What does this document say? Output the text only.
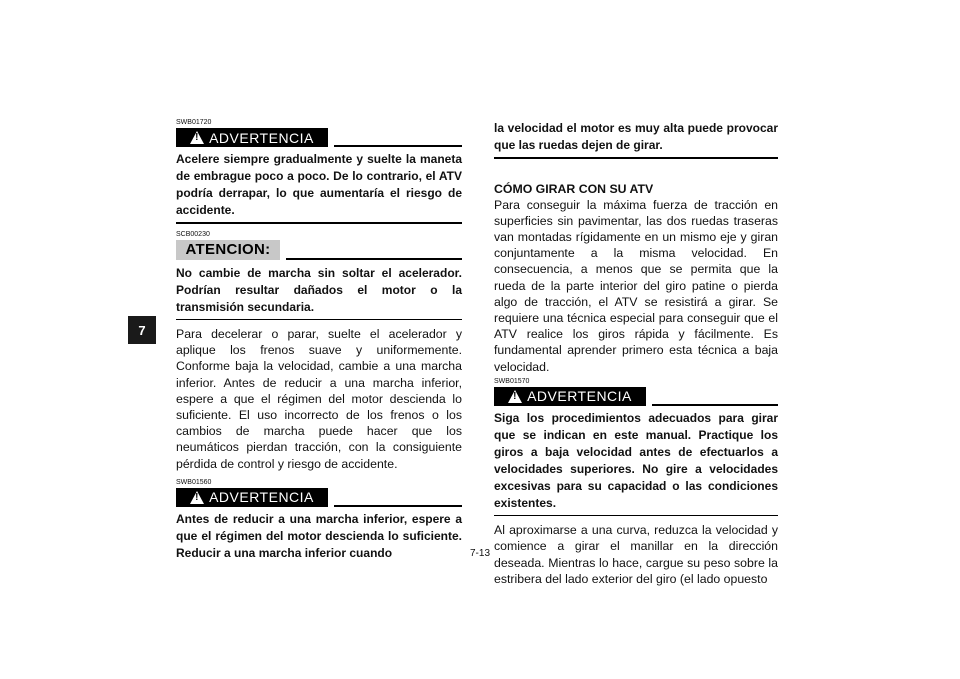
7

SWB01720

!
ADVERTENCIA

Acelere siempre gradualmente y suelte la maneta de embrague poco a poco. De lo contrario, el ATV podría derrapar, lo que aumentaría el riesgo de accidente.

SCB00230

ATENCION:

No cambie de marcha sin soltar el acelerador. Podrían resultar dañados el motor o la transmisión secundaria.

Para decelerar o parar, suelte el acelerador y aplique los frenos suave y uniformemente. Conforme baja la velocidad, cambie a una marcha inferior. Antes de reducir a una marcha inferior, espere a que el régimen del motor descienda lo suficiente. El uso incorrecto de los frenos o los cambios de marcha puede hacer que los neumáticos pierdan tracción, con la consiguiente pérdida de control y riesgo de accidente.

SWB01560

!
ADVERTENCIA

Antes de reducir a una marcha inferior, espere a que el régimen del motor descienda lo suficiente. Reducir a una marcha inferior cuando

la velocidad el motor es muy alta puede provocar que las ruedas dejen de girar.

CÓMO GIRAR CON SU ATV

Para conseguir la máxima fuerza de tracción en superficies sin pavimentar, las dos ruedas traseras van montadas rígidamente en un mismo eje y giran conjuntamente a la misma velocidad. En consecuencia, a menos que se permita que la rueda de la parte interior del giro patine o pierda algo de tracción, el ATV se resistirá a girar. Se requiere una técnica especial para conseguir que el ATV realice los giros rápida y fácilmente. Es fundamental aprender primero esta técnica a baja velocidad.

SWB01570

!
ADVERTENCIA

Siga los procedimientos adecuados para girar que se indican en este manual. Practique los giros a baja velocidad antes de efectuarlos a velocidades superiores. No gire a velocidades excesivas para su capacidad o las condiciones existentes.

Al aproximarse a una curva, reduzca la velocidad y comience a girar el manillar en la dirección deseada. Mientras lo hace, cargue su peso sobre la estribera del lado exterior del giro (el lado opuesto

7-13
